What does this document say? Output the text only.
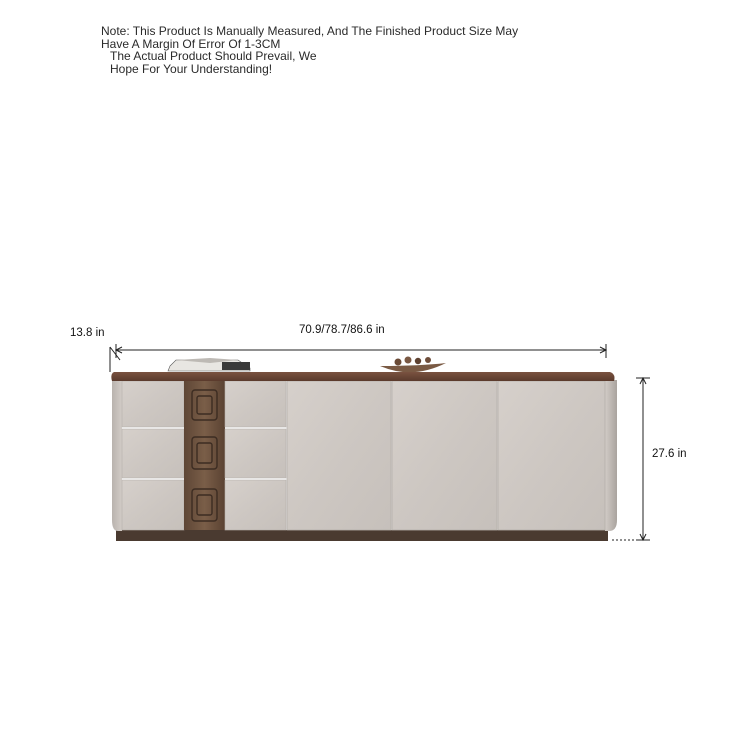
Note: This Product Is Manually Measured, And The Finished Product Size May
Have A Margin Of Error Of 1-3CM
The Actual Product Should Prevail, We
Hope For Your Understanding!
13.8 in	70.9/78.7/86.6 in
27.6 in
